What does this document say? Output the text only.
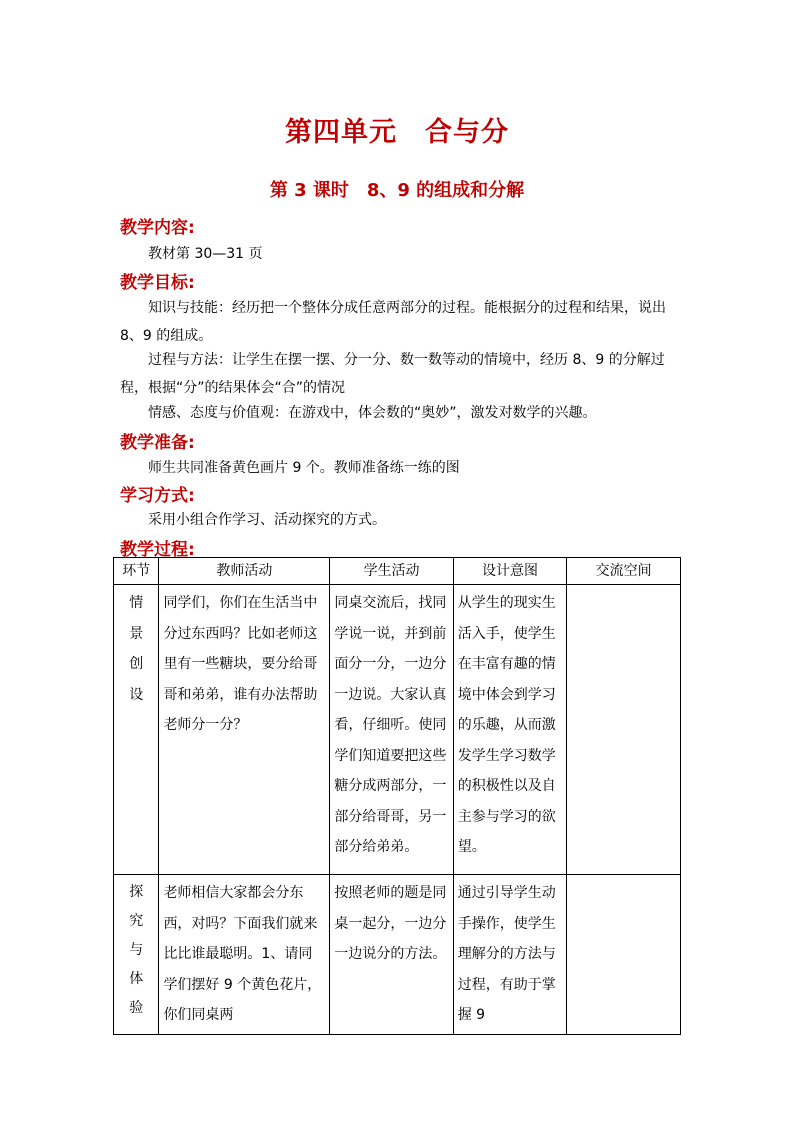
第四单元　合与分
第 3 课时　8、9 的组成和分解
教学内容:
教材第 30—31 页
教学目标:
知识与技能：经历把一个整体分成任意两部分的过程。能根据分的过程和结果，说出 8、9 的组成。
过程与方法：让学生在摆一摆、分一分、数一数等动的情境中，经历 8、9 的分解过程，根据“分”的结果体会“合”的情况
情感、态度与价值观：在游戏中，体会数的“奥妙”，激发对数学的兴趣。
教学准备:
师生共同准备黄色画片 9 个。教师准备练一练的图
学习方式:
采用小组合作学习、活动探究的方式。
教学过程:
环节	教师活动	学生活动	设计意图	交流空间

情
景
创
设	同学们，你们在生活当中分过东西吗？比如老师这里有一些糖块，要分给哥哥和弟弟，谁有办法帮助老师分一分？	同桌交流后，找同学说一说，并到前面分一分，一边分一边说。大家认真看，仔细听。使同学们知道要把这些糖分成两部分，一部分给哥哥，另一部分给弟弟。	从学生的现实生活入手，使学生在丰富有趣的情境中体会到学习的乐趣，从而激发学生学习数学的积极性以及自主参与学习的欲望。	

探
究
与
体
验	老师相信大家都会分东西，对吗？下面我们就来比比谁最聪明。1、请同学们摆好 9 个黄色花片，你们同桌两	按照老师的题是同桌一起分，一边分一边说分的方法。	通过引导学生动手操作，使学生理解分的方法与过程，有助于掌握 9	
